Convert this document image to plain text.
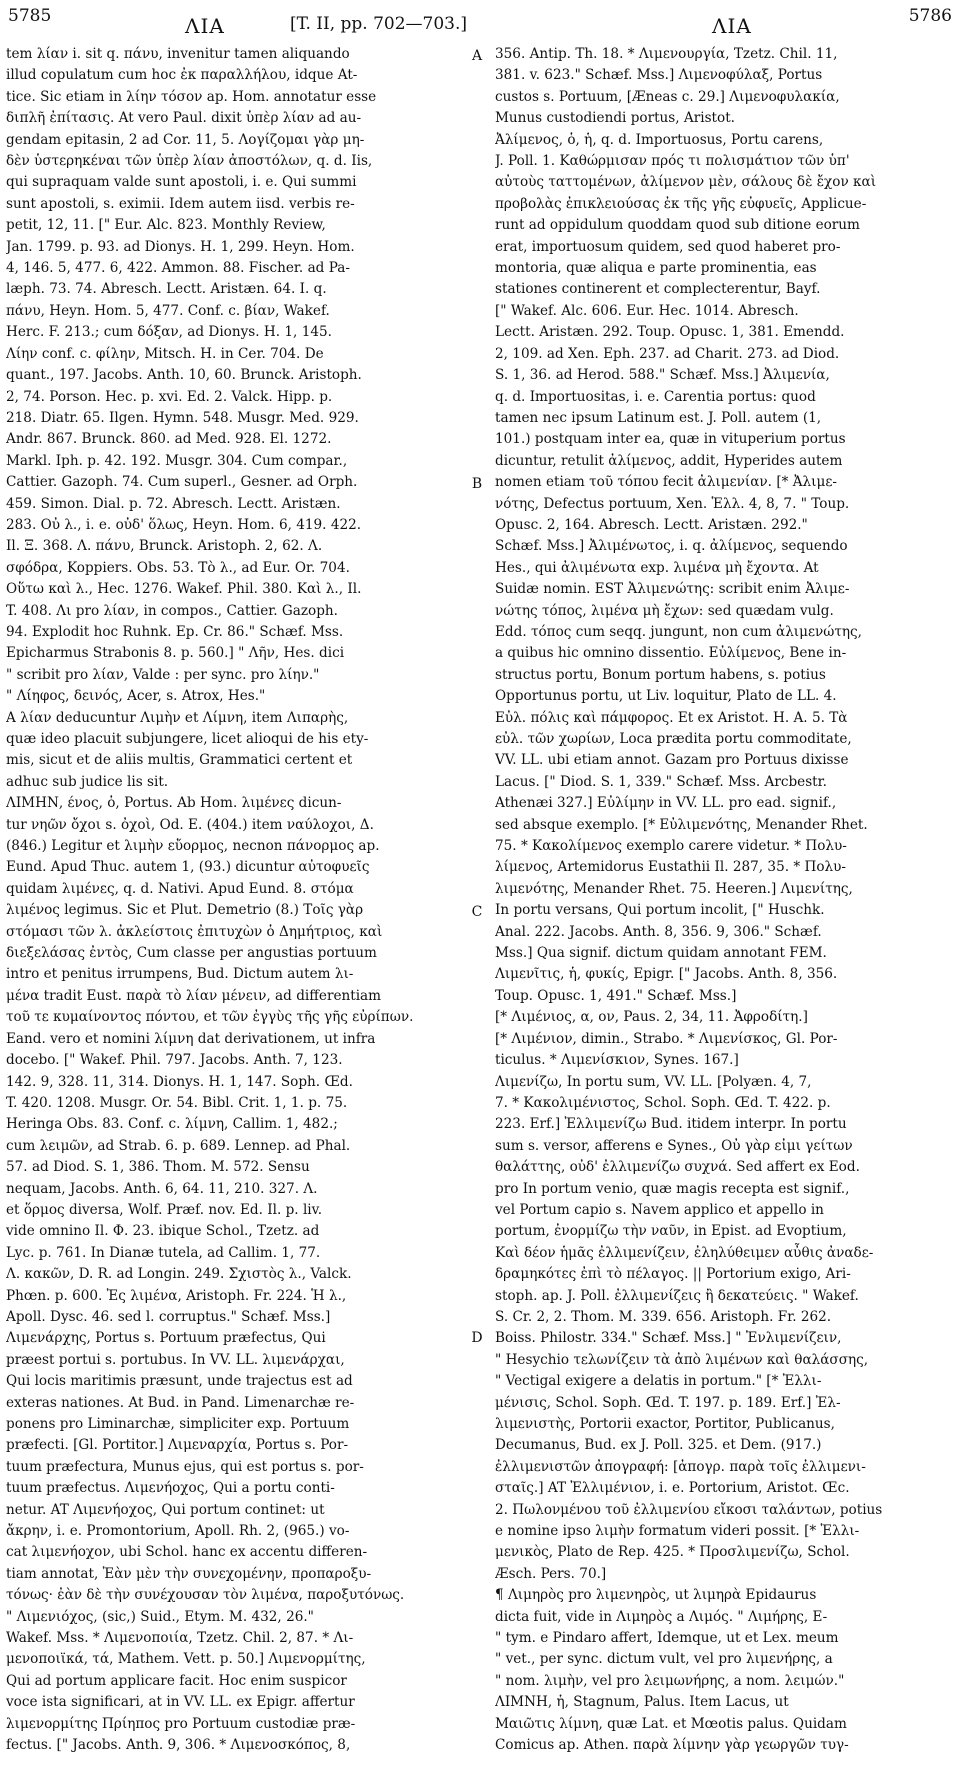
5785	ΛΙΑ	[T. II, pp. 702—703.]	ΛΙΑ	5786
A
B
C
D
tem λίαν i. sit q. πάνυ, invenitur tamen aliquando
illud copulatum cum hoc ἐκ παραλλήλου, idque At-
tice. Sic etiam in λίην τόσον ap. Hom. annotatur esse
διπλῆ ἐπίτασις. At vero Paul. dixit ὑπὲρ λίαν ad au-
gendam epitasin, 2 ad Cor. 11, 5. Λογίζομαι γὰρ μη-
δὲν ὑστερηκέναι τῶν ὑπὲρ λίαν ἀποστόλων, q. d. Iis,
qui supraquam valde sunt apostoli, i. e. Qui summi
sunt apostoli, s. eximii. Idem autem iisd. verbis re-
petit, 12, 11. [" Eur. Alc. 823. Monthly Review,
Jan. 1799. p. 93. ad Dionys. H. 1, 299. Heyn. Hom.
4, 146. 5, 477. 6, 422. Ammon. 88. Fischer. ad Pa-
læph. 73. 74. Abresch. Lectt. Aristæn. 64. I. q.
πάνυ, Heyn. Hom. 5, 477. Conf. c. βίαν, Wakef.
Herc. F. 213.; cum δόξαν, ad Dionys. H. 1, 145.
Λίην conf. c. φίλην, Mitsch. H. in Cer. 704. De
quant., 197. Jacobs. Anth. 10, 60. Brunck. Aristoph.
2, 74. Porson. Hec. p. xvi. Ed. 2. Valck. Hipp. p.
218. Diatr. 65. Ilgen. Hymn. 548. Musgr. Med. 929.
Andr. 867. Brunck. 860. ad Med. 928. El. 1272.
Markl. Iph. p. 42. 192. Musgr. 304. Cum compar.,
Cattier. Gazoph. 74. Cum superl., Gesner. ad Orph.
459. Simon. Dial. p. 72. Abresch. Lectt. Aristæn.
283. Οὐ λ., i. e. οὐδ' ὅλως, Heyn. Hom. 6, 419. 422.
Il. Ξ. 368. Λ. πάνυ, Brunck. Aristoph. 2, 62. Λ.
σφόδρα, Koppiers. Obs. 53. Τὸ λ., ad Eur. Or. 704.
Οὕτω καὶ λ., Hec. 1276. Wakef. Phil. 380. Καὶ λ., Il.
T. 408. Λι pro λίαν, in compos., Cattier. Gazoph.
94. Explodit hoc Ruhnk. Ep. Cr. 86." Schæf. Mss.
Epicharmus Strabonis 8. p. 560.] " Λῆν, Hes. dici
" scribit pro λίαν, Valde : per sync. pro λίην."
" Λίηφος, δεινός, Acer, s. Atrox, Hes."
A λίαν deducuntur Λιμὴν et Λίμνη, item Λιπαρὴς,
quæ ideo placuit subjungere, licet alioqui de his ety-
mis, sicut et de aliis multis, Grammatici certent et
adhuc sub judice lis sit.
ΛΙΜΗΝ, ένος, ὁ, Portus. Ab Hom. λιμένες dicun-
tur νηῶν ὄχοι s. ὀχοὶ, Od. E. (404.) item ναύλοχοι, Δ.
(846.) Legitur et λιμὴν εὔορμος, necnon πάνορμος ap.
Eund. Apud Thuc. autem 1, (93.) dicuntur αὐτοφυεῖς
quidam λιμένες, q. d. Nativi. Apud Eund. 8. στόμα
λιμένος legimus. Sic et Plut. Demetrio (8.) Τοῖς γὰρ
στόμασι τῶν λ. ἀκλείστοις ἐπιτυχὼν ὁ Δημήτριος, καὶ
διεξελάσας ἐντὸς, Cum classe per angustias portuum
intro et penitus irrumpens, Bud. Dictum autem λι-
μένα tradit Eust. παρὰ τὸ λίαν μένειν, ad differentiam
τοῦ τε κυμαίνοντος πόντου, et τῶν ἐγγὺς τῆς γῆς εὐρίπων.
Eand. vero et nomini λίμνη dat derivationem, ut infra
docebo. [" Wakef. Phil. 797. Jacobs. Anth. 7, 123.
142. 9, 328. 11, 314. Dionys. H. 1, 147. Soph. Œd.
T. 420. 1208. Musgr. Or. 54. Bibl. Crit. 1, 1. p. 75.
Heringa Obs. 83. Conf. c. λίμνη, Callim. 1, 482.;
cum λειμῶν, ad Strab. 6. p. 689. Lennep. ad Phal.
57. ad Diod. S. 1, 386. Thom. M. 572. Sensu
nequam, Jacobs. Anth. 6, 64. 11, 210. 327. Λ.
et ὅρμος diversa, Wolf. Præf. nov. Ed. Il. p. liv.
vide omnino Il. Φ. 23. ibique Schol., Tzetz. ad
Lyc. p. 761. In Dianæ tutela, ad Callim. 1, 77.
Λ. κακῶν, D. R. ad Longin. 249. Σχιστὸς λ., Valck.
Phœn. p. 600. Ἐς λιμένα, Aristoph. Fr. 224. Ἡ λ.,
Apoll. Dysc. 46. sed l. corruptus." Schæf. Mss.]
Λιμενάρχης, Portus s. Portuum præfectus, Qui
præest portui s. portubus. In VV. LL. λιμενάρχαι,
Qui locis maritimis præsunt, unde trajectus est ad
exteras nationes. At Bud. in Pand. Limenarchæ re-
ponens pro Liminarchæ, simpliciter exp. Portuum
præfecti. [Gl. Portitor.] Λιμεναρχία, Portus s. Por-
tuum præfectura, Munus ejus, qui est portus s. por-
tuum præfectus. Λιμενήοχος, Qui a portu conti-
netur. AT Λιμενήοχος, Qui portum continet: ut
ἄκρην, i. e. Promontorium, Apoll. Rh. 2, (965.) vo-
cat λιμενήοχον, ubi Schol. hanc ex accentu differen-
tiam annotat, Ἐὰν μὲν τὴν συνεχομένην, προπαροξυ-
τόνως· ἐὰν δὲ τὴν συνέχουσαν τὸν λιμένα, παροξυτόνως.
" Λιμενιόχος, (sic,) Suid., Etym. M. 432, 26."
Wakef. Mss. * Λιμενοποιία, Tzetz. Chil. 2, 87. * Λι-
μενοποιϊκά, τά, Mathem. Vett. p. 50.] Λιμενορμίτης,
Qui ad portum applicare facit. Hoc enim suspicor
voce ista significari, at in VV. LL. ex Epigr. affertur
λιμενορμίτης Πρίηπος pro Portuum custodiæ præ-
fectus. [" Jacobs. Anth. 9, 306. * Λιμενοσκόπος, 8,
356. Antip. Th. 18. * Λιμενουργία, Tzetz. Chil. 11,
381. v. 623." Schæf. Mss.] Λιμενοφύλαξ, Portus
custos s. Portuum, [Æneas c. 29.] Λιμενοφυλακία,
Munus custodiendi portus, Aristot.
Ἀλίμενος, ὁ, ἡ, q. d. Importuosus, Portu carens,
J. Poll. 1. Καθώρμισαν πρός τι πολισμάτιον τῶν ὑπ'
αὐτοὺς ταττομένων, ἀλίμενον μὲν, σάλους δὲ ἔχον καὶ
προβολὰς ἐπικλειούσας ἐκ τῆς γῆς εὐφυεῖς, Applicue-
runt ad oppidulum quoddam quod sub ditione eorum
erat, importuosum quidem, sed quod haberet pro-
montoria, quæ aliqua e parte prominentia, eas
stationes continerent et complecterentur, Bayf.
[" Wakef. Alc. 606. Eur. Hec. 1014. Abresch.
Lectt. Aristæn. 292. Toup. Opusc. 1, 381. Emendd.
2, 109. ad Xen. Eph. 237. ad Charit. 273. ad Diod.
S. 1, 36. ad Herod. 588." Schæf. Mss.] Ἀλιμενία,
q. d. Importuositas, i. e. Carentia portus: quod
tamen nec ipsum Latinum est. J. Poll. autem (1,
101.) postquam inter ea, quæ in vituperium portus
dicuntur, retulit ἀλίμενος, addit, Hyperides autem
nomen etiam τοῦ τόπου fecit ἀλιμενίαν. [* Ἀλιμε-
νότης, Defectus portuum, Xen. Ἑλλ. 4, 8, 7. " Toup.
Opusc. 2, 164. Abresch. Lectt. Aristæn. 292."
Schæf. Mss.] Ἀλιμένωτος, i. q. ἀλίμενος, sequendo
Hes., qui ἀλιμένωτα exp. λιμένα μὴ ἔχοντα. At
Suidæ nomin. EST Ἀλιμενώτης: scribit enim Ἀλιμε-
νώτης τόπος, λιμένα μὴ ἔχων: sed quædam vulg.
Edd. τόπος cum seqq. jungunt, non cum ἀλιμενώτης,
a quibus hic omnino dissentio. Εὐλίμενος, Bene in-
structus portu, Bonum portum habens, s. potius
Opportunus portu, ut Liv. loquitur, Plato de LL. 4.
Εὐλ. πόλις καὶ πάμφορος. Et ex Aristot. H. A. 5. Τὰ
εὐλ. τῶν χωρίων, Loca prædita portu commoditate,
VV. LL. ubi etiam annot. Gazam pro Portuus dixisse
Lacus. [" Diod. S. 1, 339." Schæf. Mss. Arcbestr.
Athenæi 327.] Εὐλίμην in VV. LL. pro ead. signif.,
sed absque exemplo. [* Εὐλιμενότης, Menander Rhet.
75. * Κακολίμενος exemplo carere videtur. * Πολυ-
λίμενος, Artemidorus Eustathii Il. 287, 35. * Πολυ-
λιμενότης, Menander Rhet. 75. Heeren.] Λιμενίτης,
In portu versans, Qui portum incolit, [" Huschk.
Anal. 222. Jacobs. Anth. 8, 356. 9, 306." Schæf.
Mss.] Qua signif. dictum quidam annotant FEM.
Λιμενῖτις, ἡ, φυκίς, Epigr. [" Jacobs. Anth. 8, 356.
Toup. Opusc. 1, 491." Schæf. Mss.]
[* Λιμένιος, α, ον, Paus. 2, 34, 11. Ἀφροδίτη.]
[* Λιμένιον, dimin., Strabo. * Λιμενίσκος, Gl. Por-
ticulus. * Λιμενίσκιον, Synes. 167.]
Λιμενίζω, In portu sum, VV. LL. [Polyæn. 4, 7,
7. * Κακολιμένιστος, Schol. Soph. Œd. T. 422. p.
223. Erf.] Ἐλλιμενίζω Bud. itidem interpr. In portu
sum s. versor, afferens e Synes., Οὐ γὰρ εἰμι γείτων
θαλάττης, οὐδ' ἐλλιμενίζω συχνά. Sed affert ex Eod.
pro In portum venio, quæ magis recepta est signif.,
vel Portum capio s. Navem applico et appello in
portum, ἐνορμίζω τὴν ναῦν, in Epist. ad Evoptium,
Καὶ δέον ἡμᾶς ἐλλιμενίζειν, ἐληλύθειμεν αὖθις ἀναδε-
δραμηκότες ἐπὶ τὸ πέλαγος. || Portorium exigo, Ari-
stoph. ap. J. Poll. ἐλλιμενίζεις ἢ δεκατεύεις. " Wakef.
S. Cr. 2, 2. Thom. M. 339. 656. Aristoph. Fr. 262.
Boiss. Philostr. 334." Schæf. Mss.] " Ἐνλιμενίζειν,
" Hesychio τελωνίζειν τὰ ἀπὸ λιμένων καὶ θαλάσσης,
" Vectigal exigere a delatis in portum." [* Ἐλλι-
μένισις, Schol. Soph. Œd. T. 197. p. 189. Erf.] Ἐλ-
λιμενιστὴς, Portorii exactor, Portitor, Publicanus,
Decumanus, Bud. ex J. Poll. 325. et Dem. (917.)
ἐλλιμενιστῶν ἀπογραφή: [ἀπογρ. παρὰ τοῖς ἐλλιμενι-
σταῖς.] AT Ἐλλιμένιον, i. e. Portorium, Aristot. Œc.
2. Πωλονμένου τοῦ ἐλλιμενίου εἴκοσι ταλάντων, potius
e nomine ipso λιμὴν formatum videri possit. [* Ἐλλι-
μενικὸς, Plato de Rep. 425. * Προσλιμενίζω, Schol.
Æsch. Pers. 70.]
¶ Λιμηρὸς pro λιμενηρὸς, ut λιμηρὰ Epidaurus
dicta fuit, vide in Λιμηρὸς a Λιμός. " Λιμήρης, E-
" tym. e Pindaro affert, Idemque, ut et Lex. meum
" vet., per sync. dictum vult, vel pro λιμενήρης, a
" nom. λιμὴν, vel pro λειμωνήρης, a nom. λειμών."
ΛΙΜΝΗ, ἡ, Stagnum, Palus. Item Lacus, ut
Μαιῶτις λίμνη, quæ Lat. et Mœotis palus. Quidam
Comicus ap. Athen. παρὰ λίμνην γὰρ γεωργῶν τυγ-
